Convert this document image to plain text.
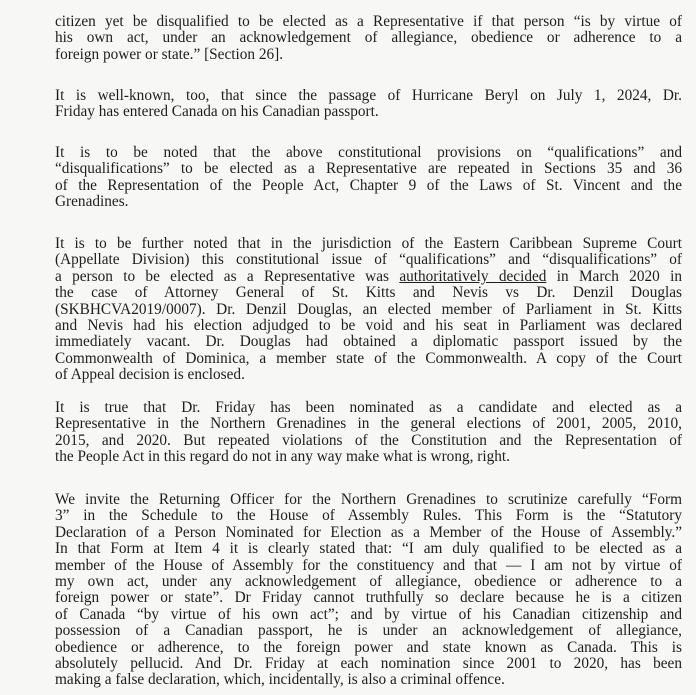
citizen yet be disqualified to be elected as a Representative if that person “is by virtue of
his own act, under an acknowledgement of allegiance, obedience or adherence to a
foreign power or state.” [Section 26].
It is well-known, too, that since the passage of Hurricane Beryl on July 1, 2024, Dr.
Friday has entered Canada on his Canadian passport.
It is to be noted that the above constitutional provisions on “qualifications” and
“disqualifications” to be elected as a Representative are repeated in Sections 35 and 36
of the Representation of the People Act, Chapter 9 of the Laws of St. Vincent and the
Grenadines.
It is to be further noted that in the jurisdiction of the Eastern Caribbean Supreme Court
(Appellate Division) this constitutional issue of “qualifications” and “disqualifications” of
a person to be elected as a Representative was authoritatively decided in March 2020 in
the case of Attorney General of St. Kitts and Nevis vs Dr. Denzil Douglas
(SKBHCVA2019/0007). Dr. Denzil Douglas, an elected member of Parliament in St. Kitts
and Nevis had his election adjudged to be void and his seat in Parliament was declared
immediately vacant. Dr. Douglas had obtained a diplomatic passport issued by the
Commonwealth of Dominica, a member state of the Commonwealth. A copy of the Court
of Appeal decision is enclosed.
It is true that Dr. Friday has been nominated as a candidate and elected as a
Representative in the Northern Grenadines in the general elections of 2001, 2005, 2010,
2015, and 2020. But repeated violations of the Constitution and the Representation of
the People Act in this regard do not in any way make what is wrong, right.
We invite the Returning Officer for the Northern Grenadines to scrutinize carefully “Form
3” in the Schedule to the House of Assembly Rules. This Form is the “Statutory
Declaration of a Person Nominated for Election as a Member of the House of Assembly.”
In that Form at Item 4 it is clearly stated that: “I am duly qualified to be elected as a
member of the House of Assembly for the constituency and that — I am not by virtue of
my own act, under any acknowledgement of allegiance, obedience or adherence to a
foreign power or state”. Dr Friday cannot truthfully so declare because he is a citizen
of Canada “by virtue of his own act”; and by virtue of his Canadian citizenship and
possession of a Canadian passport, he is under an acknowledgement of allegiance,
obedience or adherence, to the foreign power and state known as Canada. This is
absolutely pellucid. And Dr. Friday at each nomination since 2001 to 2020, has been
making a false declaration, which, incidentally, is also a criminal offence.
